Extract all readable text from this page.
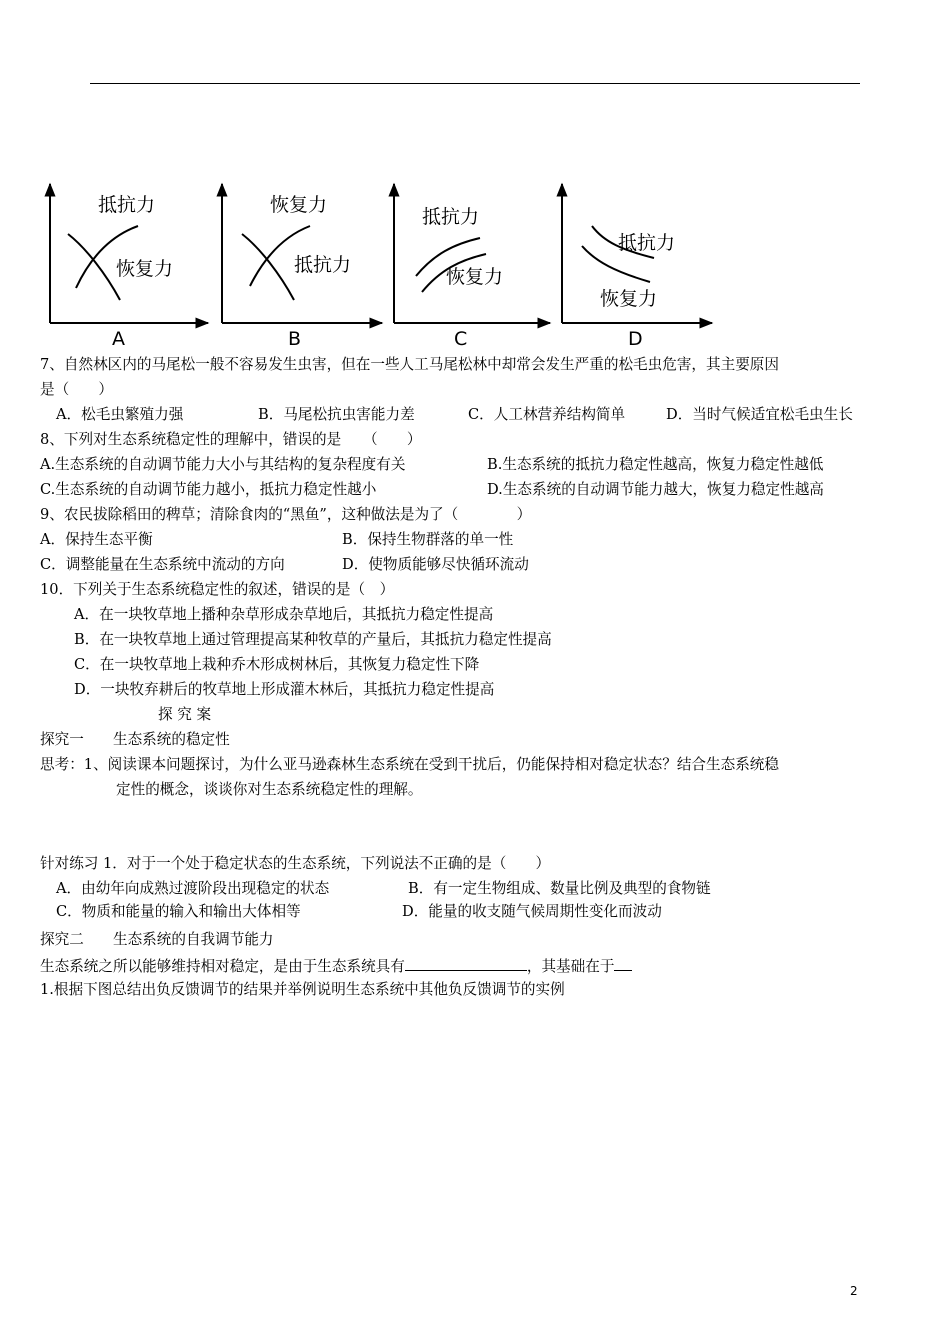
抵抗力
恢复力
A
恢复力
抵抗力
B
抵抗力
恢复力
C
抵抗力
恢复力
D
7、自然林区内的马尾松一般不容易发生虫害，但在一些人工马尾松林中却常会发生严重的松毛虫危害，其主要原因
是（　　）
A．松毛虫繁殖力强	B．马尾松抗虫害能力差	C．人工林营养结构简单	D．当时气候适宜松毛虫生长
8、下列对生态系统稳定性的理解中，错误的是　　（　　）
A.生态系统的自动调节能力大小与其结构的复杂程度有关	B.生态系统的抵抗力稳定性越高，恢复力稳定性越低
C.生态系统的自动调节能力越小，抵抗力稳定性越小	D.生态系统的自动调节能力越大，恢复力稳定性越高
9、农民拔除稻田的稗草；清除食肉的“黑鱼”，这种做法是为了（　　　　）
A．保持生态平衡	B．保持生物群落的单一性
C．调整能量在生态系统中流动的方向	D．使物质能够尽快循环流动
10．下列关于生态系统稳定性的叙述，错误的是（　）
A．在一块牧草地上播种杂草形成杂草地后，其抵抗力稳定性提高
B．在一块牧草地上通过管理提高某种牧草的产量后，其抵抗力稳定性提高
C．在一块牧草地上栽种乔木形成树林后，其恢复力稳定性下降
D．一块牧弃耕后的牧草地上形成灌木林后，其抵抗力稳定性提高
探 究 案
探究一　　生态系统的稳定性
思考：1、阅读课本问题探讨，为什么亚马逊森林生态系统在受到干扰后，仍能保持相对稳定状态？结合生态系统稳
定性的概念，谈谈你对生态系统稳定性的理解。
针对练习 1．对于一个处于稳定状态的生态系统，下列说法不正确的是（　　）
A．由幼年向成熟过渡阶段出现稳定的状态	B．有一定生物组成、数量比例及典型的食物链
C．物质和能量的输入和输出大体相等	D．能量的收支随气候周期性变化而波动
探究二　　生态系统的自我调节能力
生态系统之所以能够维持相对稳定，是由于生态系统具有	，其基础在于
1.根据下图总结出负反馈调节的结果并举例说明生态系统中其他负反馈调节的实例
2
